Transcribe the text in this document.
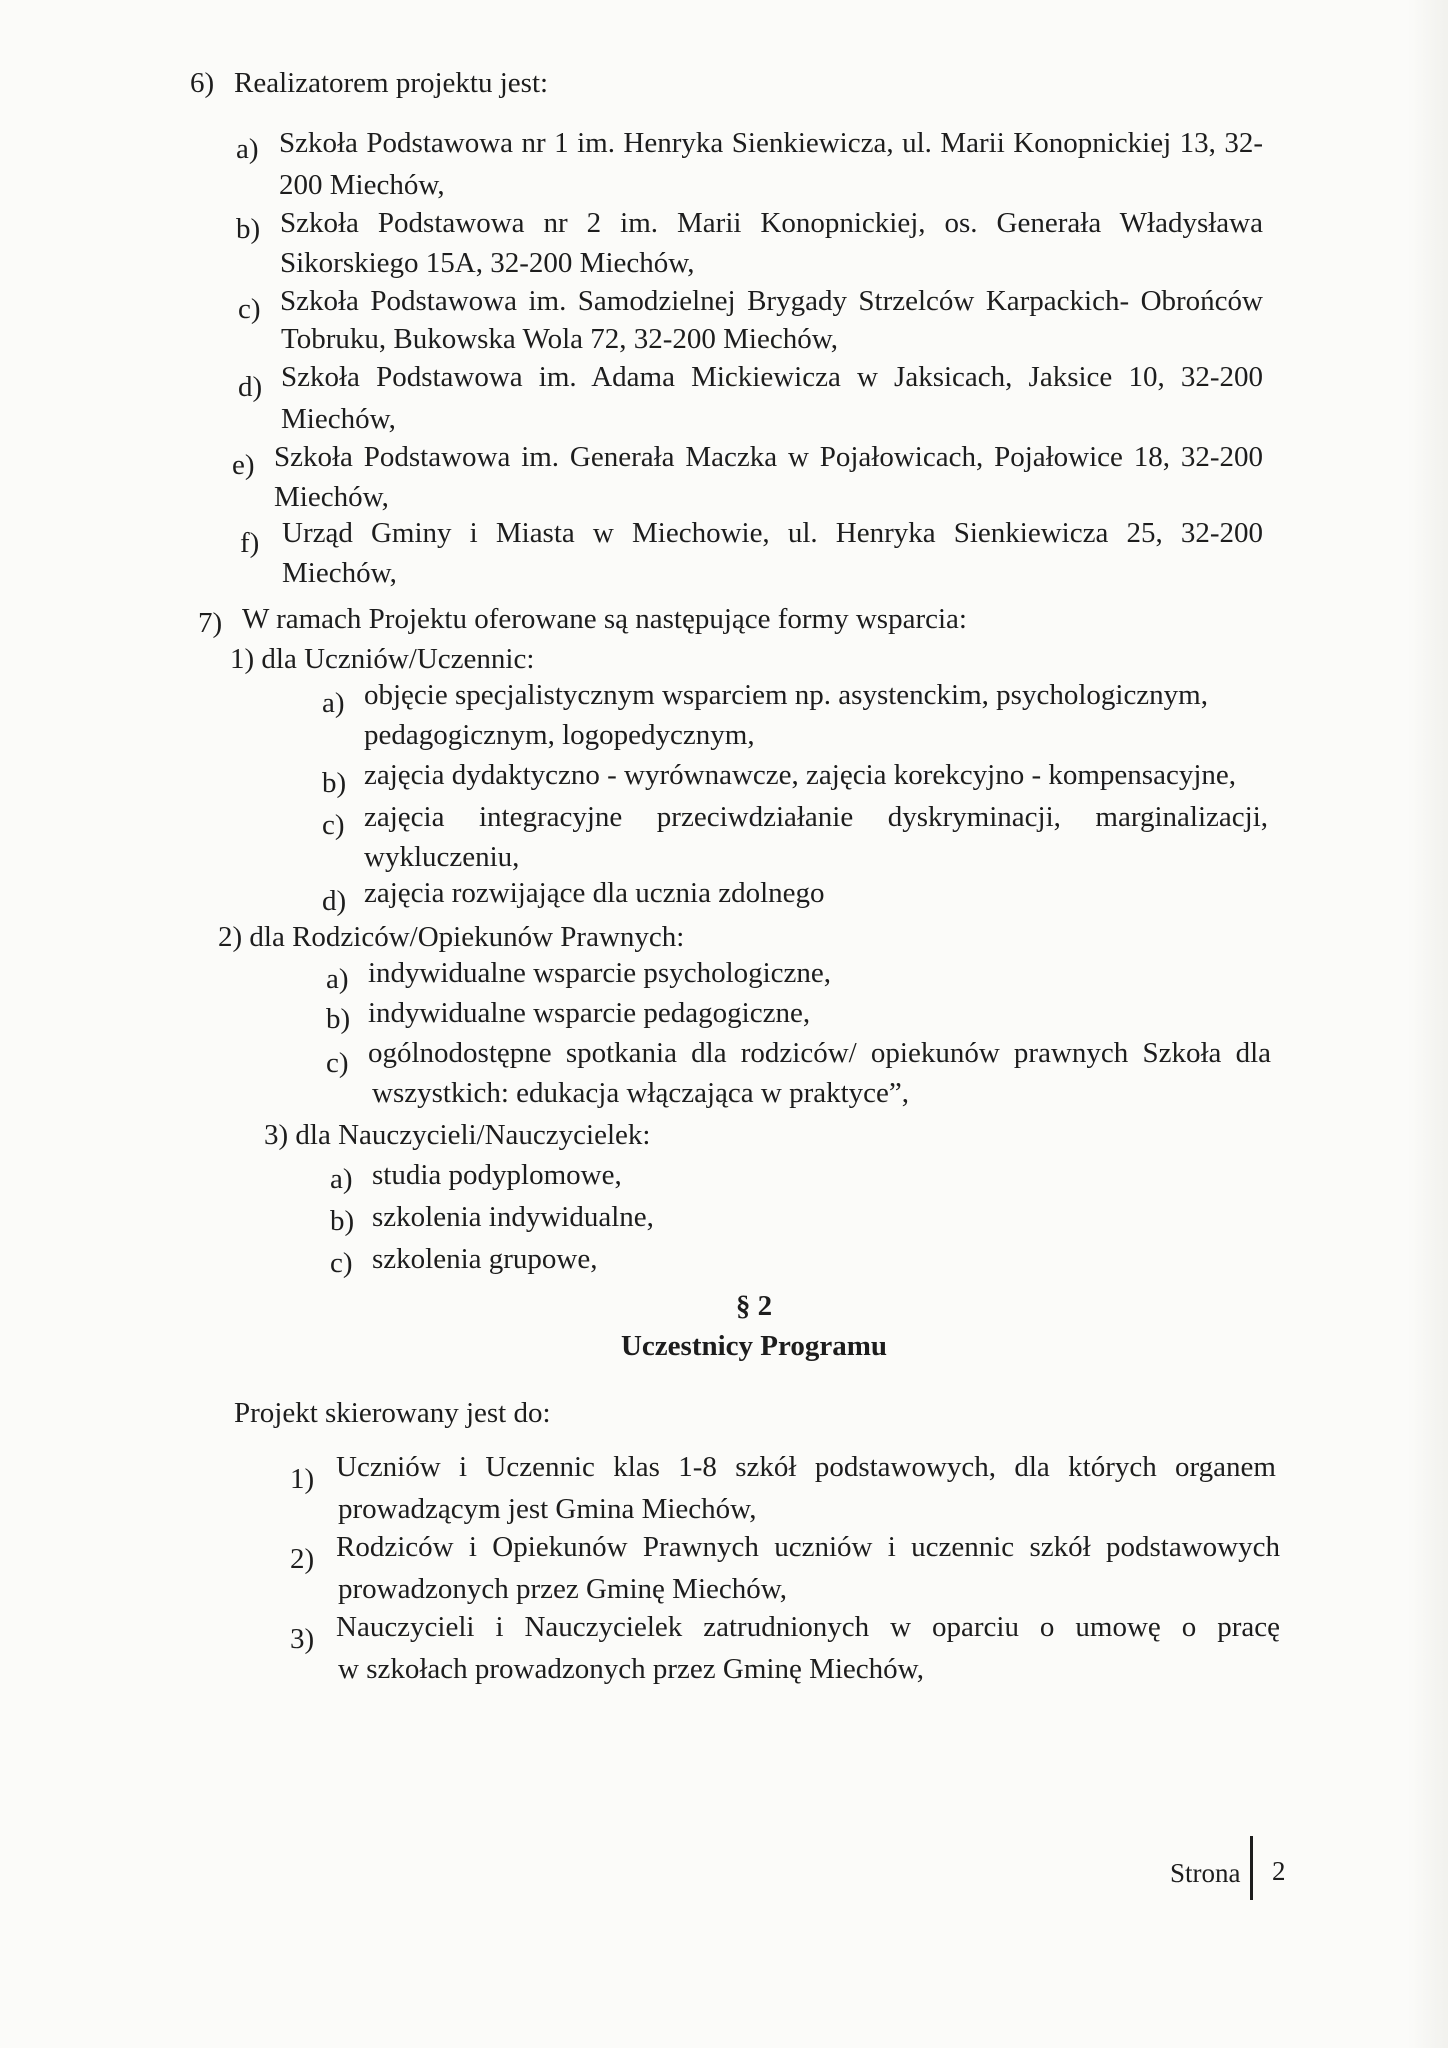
6) Realizatorem projektu jest:
a) Szkoła Podstawowa nr 1 im. Henryka Sienkiewicza, ul. Marii Konopnickiej 13, 32-
200 Miechów,
b) Szkoła Podstawowa nr 2 im. Marii Konopnickiej, os. Generała Władysława
Sikorskiego 15A, 32-200 Miechów,
c) Szkoła Podstawowa im. Samodzielnej Brygady Strzelców Karpackich- Obrońców
Tobruku, Bukowska Wola 72, 32-200 Miechów,
d) Szkoła Podstawowa im. Adama Mickiewicza w Jaksicach, Jaksice 10, 32-200
Miechów,
e) Szkoła Podstawowa im. Generała Maczka w Pojałowicach, Pojałowice 18, 32-200
Miechów,
f) Urząd Gminy i Miasta w Miechowie, ul. Henryka Sienkiewicza 25, 32-200
Miechów,
7) W ramach Projektu oferowane są następujące formy wsparcia:
1) dla Uczniów/Uczennic:
a) objęcie specjalistycznym wsparciem np. asystenckim, psychologicznym,
pedagogicznym, logopedycznym,
b) zajęcia dydaktyczno - wyrównawcze, zajęcia korekcyjno - kompensacyjne,
c) zajęcia integracyjne przeciwdziałanie dyskryminacji, marginalizacji,
wykluczeniu,
d) zajęcia rozwijające dla ucznia zdolnego
2) dla Rodziców/Opiekunów Prawnych:
a) indywidualne wsparcie psychologiczne,
b) indywidualne wsparcie pedagogiczne,
c) ogólnodostępne spotkania dla rodziców/ opiekunów prawnych Szkoła dla
wszystkich: edukacja włączająca w praktyce”,
3) dla Nauczycieli/Nauczycielek:
a) studia podyplomowe,
b) szkolenia indywidualne,
c) szkolenia grupowe,
§ 2
Uczestnicy Programu
Projekt skierowany jest do:
1) Uczniów i Uczennic klas 1-8 szkół podstawowych, dla których organem
prowadzącym jest Gmina Miechów,
2) Rodziców i Opiekunów Prawnych uczniów i uczennic szkół podstawowych
prowadzonych przez Gminę Miechów,
3) Nauczycieli i Nauczycielek zatrudnionych w oparciu o umowę o pracę
w szkołach prowadzonych przez Gminę Miechów,
Strona 2
